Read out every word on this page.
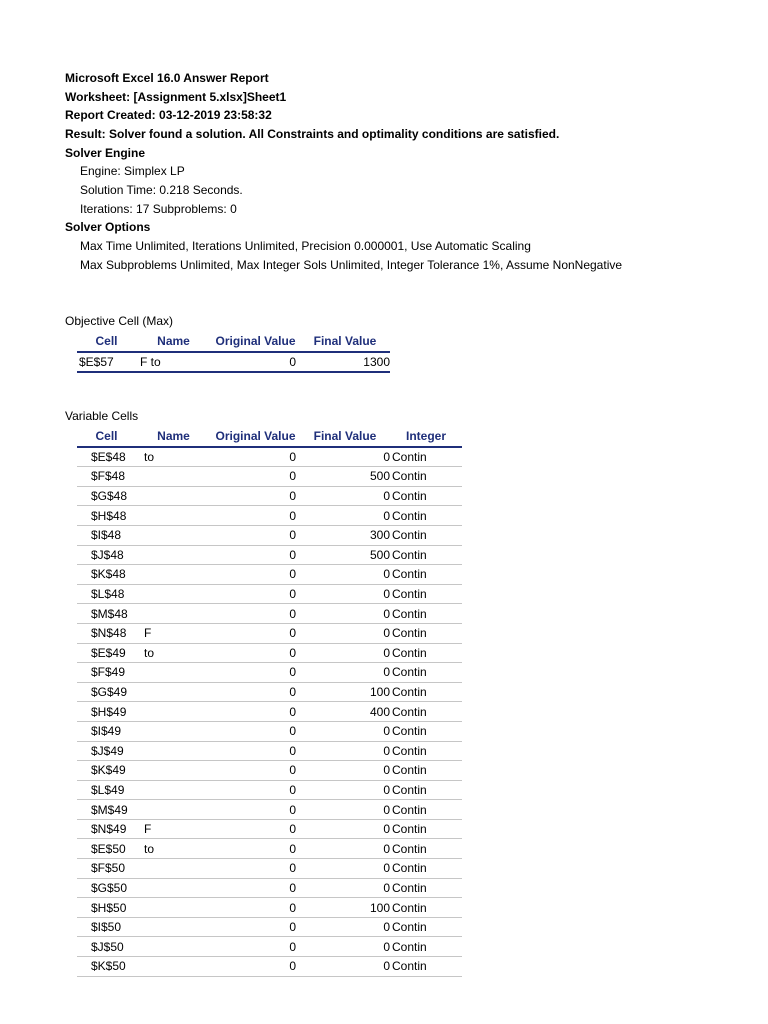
Microsoft Excel 16.0 Answer Report
Worksheet: [Assignment 5.xlsx]Sheet1
Report Created: 03-12-2019 23:58:32
Result: Solver found a solution. All Constraints and optimality conditions are satisfied.
Solver Engine
Engine: Simplex LP
Solution Time: 0.218 Seconds.
Iterations: 17 Subproblems: 0
Solver Options
Max Time Unlimited, Iterations Unlimited, Precision 0.000001, Use Automatic Scaling
Max Subproblems Unlimited, Max Integer Sols Unlimited, Integer Tolerance 1%, Assume NonNegative
Objective Cell (Max)
Cell	Name	Original Value	Final Value
$E$57	F to	0	1300
Variable Cells
Cell	Name	Original Value	Final Value	Integer
$E$48	to	0	0	Contin
$F$48		0	500	Contin
$G$48		0	0	Contin
$H$48		0	0	Contin
$I$48		0	300	Contin
$J$48		0	500	Contin
$K$48		0	0	Contin
$L$48		0	0	Contin
$M$48		0	0	Contin
$N$48	F	0	0	Contin
$E$49	to	0	0	Contin
$F$49		0	0	Contin
$G$49		0	100	Contin
$H$49		0	400	Contin
$I$49		0	0	Contin
$J$49		0	0	Contin
$K$49		0	0	Contin
$L$49		0	0	Contin
$M$49		0	0	Contin
$N$49	F	0	0	Contin
$E$50	to	0	0	Contin
$F$50		0	0	Contin
$G$50		0	0	Contin
$H$50		0	100	Contin
$I$50		0	0	Contin
$J$50		0	0	Contin
$K$50		0	0	Contin
